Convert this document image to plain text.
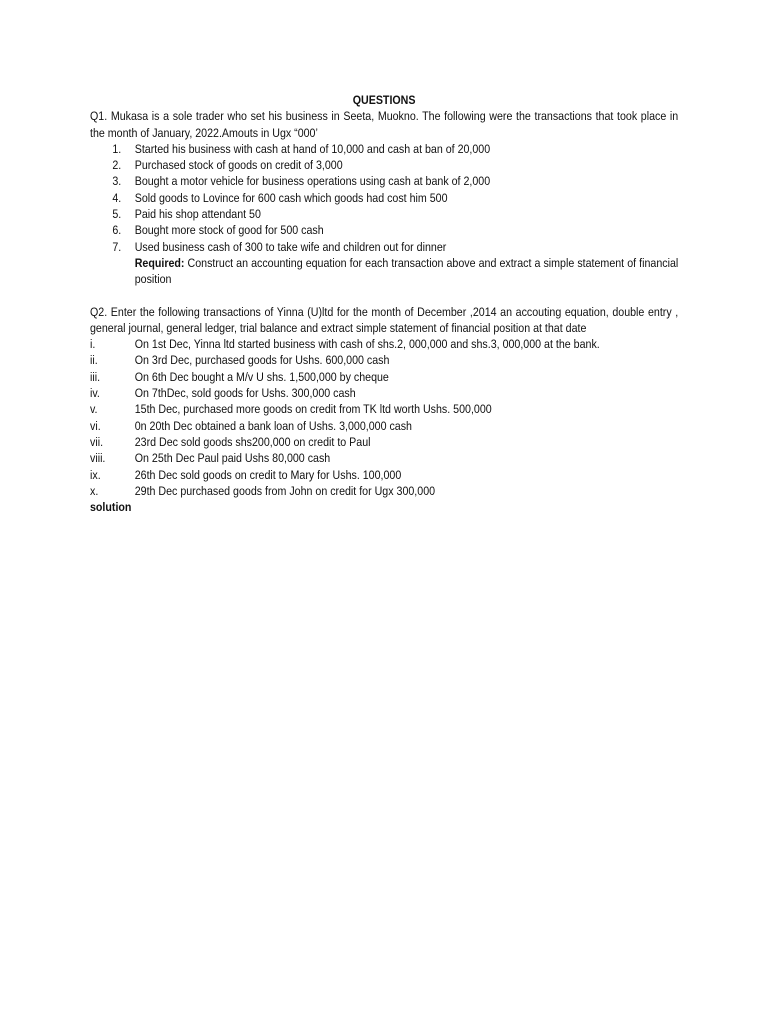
QUESTIONS
Q1. Mukasa is a sole trader who set his business in Seeta, Muokno. The following were the transactions that took place in the month of January, 2022.Amouts in Ugx “000’
1.	Started his business with cash at hand of 10,000 and cash at ban of 20,000
2.	Purchased stock of goods on credit of 3,000
3.	Bought a motor vehicle for business operations using cash at bank of 2,000
4.	Sold goods to Lovince for 600 cash which goods had cost him 500
5.	Paid his shop attendant 50
6.	Bought more stock of good for 500 cash
7.	Used business cash of 300 to take wife and children out for dinner
Required: Construct an accounting equation for each transaction above and extract a simple statement of financial position
Q2. Enter the following transactions of Yinna (U)ltd for the month of December ,2014 an accouting equation, double entry , general journal, general ledger, trial balance and extract simple statement of financial position at that date
i.	On 1st Dec, Yinna ltd started business with cash of shs.2, 000,000 and shs.3, 000,000 at the bank.
ii.	On 3rd Dec, purchased goods for Ushs. 600,000 cash
iii.	On 6th Dec bought a M/v U shs. 1,500,000 by cheque
iv.	On 7thDec, sold goods for Ushs. 300,000 cash
v.	15th Dec, purchased more goods on credit from TK ltd worth Ushs. 500,000
vi.	0n 20th Dec obtained a bank loan of Ushs. 3,000,000 cash
vii.	23rd Dec sold goods shs200,000 on credit to Paul
viii.	On 25th Dec Paul paid Ushs 80,000 cash
ix.	26th Dec sold goods on credit to Mary for Ushs. 100,000
x.	29th Dec purchased goods from John on credit for Ugx 300,000
solution
